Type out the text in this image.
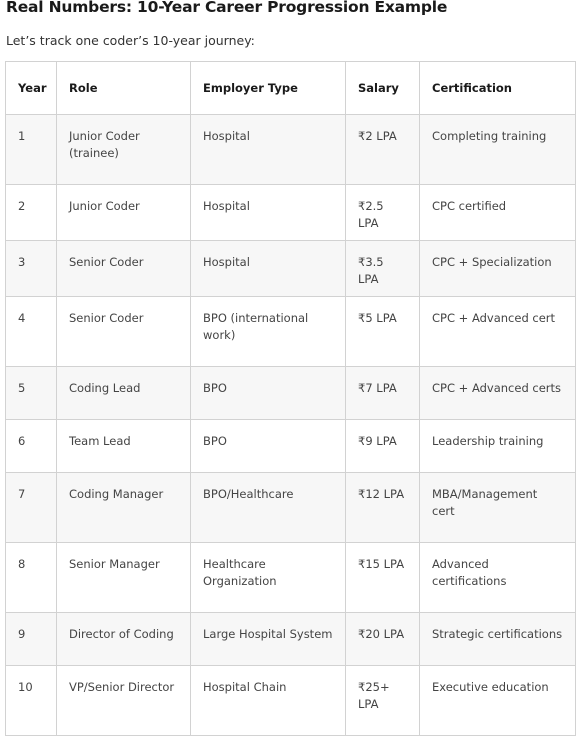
Real Numbers: 10-Year Career Progression Example

Let’s track one coder’s 10-year journey:

Year	Role	Employer Type	Salary	Certification
1	Junior Coder (trainee)	Hospital	₹2 LPA	Completing training
2	Junior Coder	Hospital	₹2.5 LPA	CPC certified
3	Senior Coder	Hospital	₹3.5 LPA	CPC + Specialization
4	Senior Coder	BPO (international work)	₹5 LPA	CPC + Advanced cert
5	Coding Lead	BPO	₹7 LPA	CPC + Advanced certs
6	Team Lead	BPO	₹9 LPA	Leadership training
7	Coding Manager	BPO/Healthcare	₹12 LPA	MBA/Management cert
8	Senior Manager	Healthcare Organization	₹15 LPA	Advanced certifications
9	Director of Coding	Large Hospital System	₹20 LPA	Strategic certifications
10	VP/Senior Director	Hospital Chain	₹25+ LPA	Executive education
